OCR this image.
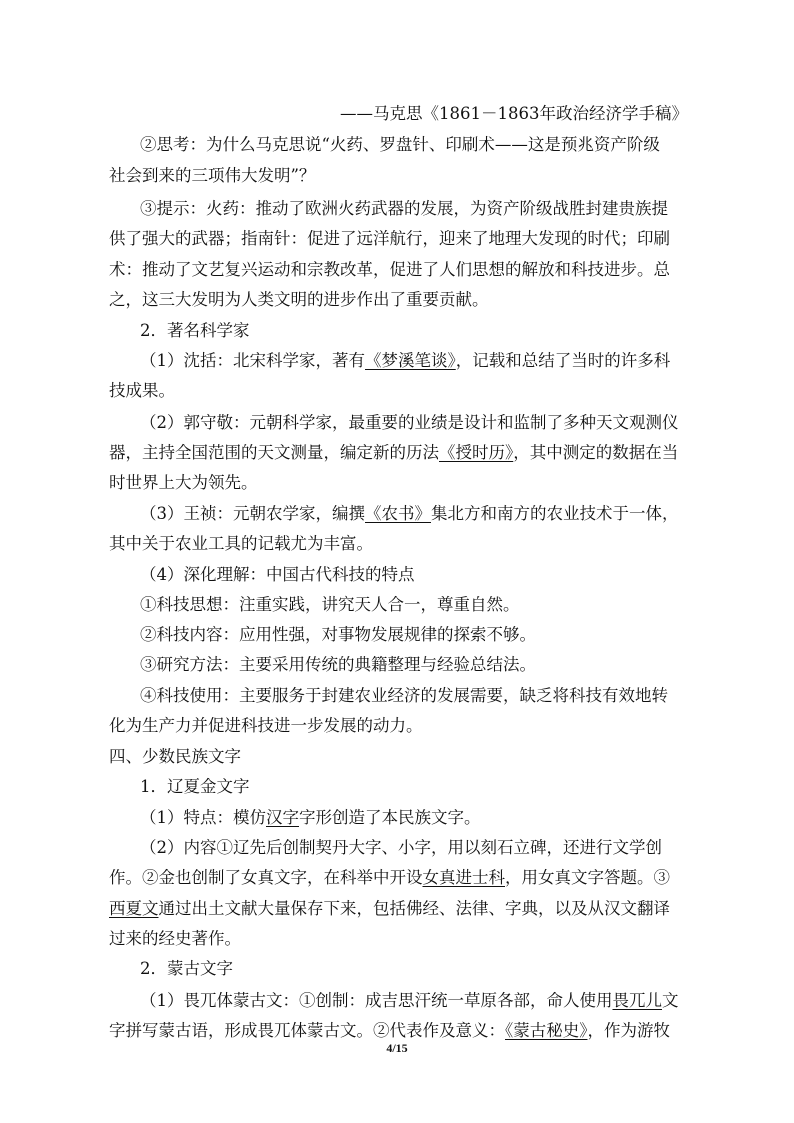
——马克思《1861－1863年政治经济学手稿》
②思考：为什么马克思说“火药、罗盘针、印刷术——这是预兆资产阶级
社会到来的三项伟大发明”？
③提示：火药：推动了欧洲火药武器的发展，为资产阶级战胜封建贵族提
供了强大的武器；指南针：促进了远洋航行，迎来了地理大发现的时代；印刷
术：推动了文艺复兴运动和宗教改革，促进了人们思想的解放和科技进步。总
之，这三大发明为人类文明的进步作出了重要贡献。
2．著名科学家
（1）沈括：北宋科学家，著有《梦溪笔谈》，记载和总结了当时的许多科
技成果。
（2）郭守敬：元朝科学家，最重要的业绩是设计和监制了多种天文观测仪
器，主持全国范围的天文测量，编定新的历法《授时历》，其中测定的数据在当
时世界上大为领先。
（3）王祯：元朝农学家，编撰《农书》集北方和南方的农业技术于一体，
其中关于农业工具的记载尤为丰富。
（4）深化理解：中国古代科技的特点
①科技思想：注重实践，讲究天人合一，尊重自然。
②科技内容：应用性强，对事物发展规律的探索不够。
③研究方法：主要采用传统的典籍整理与经验总结法。
④科技使用：主要服务于封建农业经济的发展需要，缺乏将科技有效地转
化为生产力并促进科技进一步发展的动力。
四、少数民族文字
1．辽夏金文字
（1）特点：模仿汉字字形创造了本民族文字。
（2）内容①辽先后创制契丹大字、小字，用以刻石立碑，还进行文学创
作。②金也创制了女真文字，在科举中开设女真进士科，用女真文字答题。③
西夏文通过出土文献大量保存下来，包括佛经、法律、字典，以及从汉文翻译
过来的经史著作。
2．蒙古文字
（1）畏兀体蒙古文：①创制：成吉思汗统一草原各部，命人使用畏兀儿文
字拼写蒙古语，形成畏兀体蒙古文。②代表作及意义：《蒙古秘史》，作为游牧
4/15
